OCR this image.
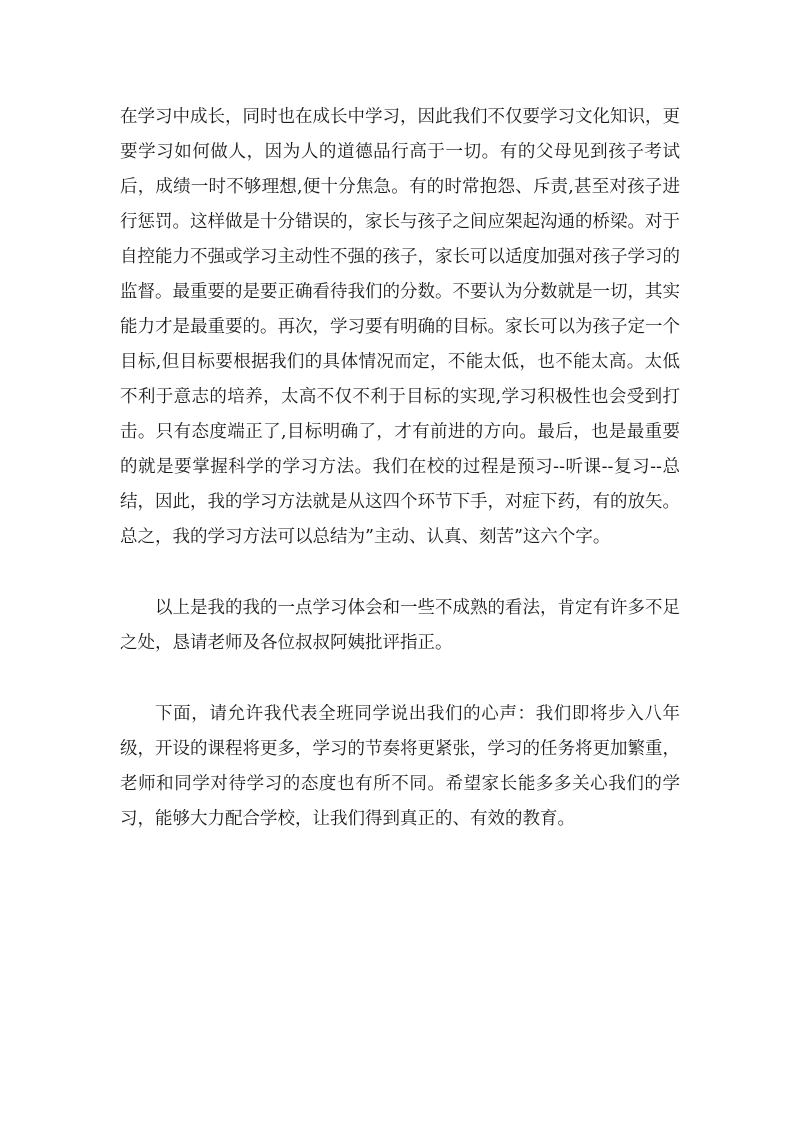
在学习中成长，同时也在成长中学习，因此我们不仅要学习文化知识，更要学习如何做人，因为人的道德品行高于一切。有的父母见到孩子考试后，成绩一时不够理想,便十分焦急。有的时常抱怨、斥责,甚至对孩子进行惩罚。这样做是十分错误的，家长与孩子之间应架起沟通的桥梁。对于自控能力不强或学习主动性不强的孩子，家长可以适度加强对孩子学习的监督。最重要的是要正确看待我们的分数。不要认为分数就是一切，其实能力才是最重要的。再次，学习要有明确的目标。家长可以为孩子定一个目标,但目标要根据我们的具体情况而定，不能太低，也不能太高。太低不利于意志的培养，太高不仅不利于目标的实现,学习积极性也会受到打击。只有态度端正了,目标明确了，才有前进的方向。最后，也是最重要的就是要掌握科学的学习方法。我们在校的过程是预习--听课--复习--总结，因此，我的学习方法就是从这四个环节下手，对症下药，有的放矢。总之，我的学习方法可以总结为”主动、认真、刻苦”这六个字。

以上是我的我的一点学习体会和一些不成熟的看法，肯定有许多不足之处，恳请老师及各位叔叔阿姨批评指正。

下面，请允许我代表全班同学说出我们的心声：我们即将步入八年级，开设的课程将更多，学习的节奏将更紧张，学习的任务将更加繁重，老师和同学对待学习的态度也有所不同。希望家长能多多关心我们的学习，能够大力配合学校，让我们得到真正的、有效的教育。
